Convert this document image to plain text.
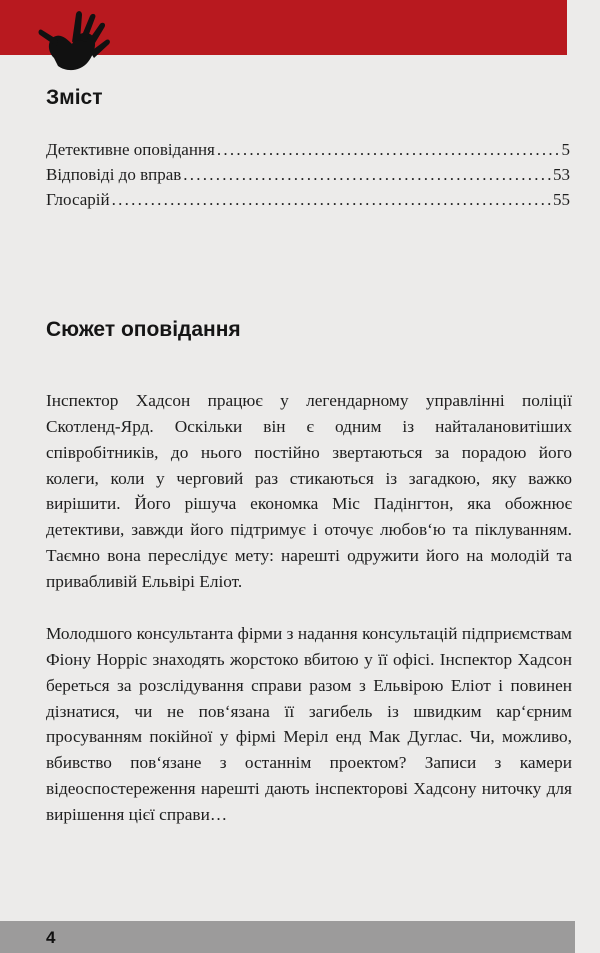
Зміст
Детективне оповідання . . .	5
Відповіді до вправ . . .	53
Глосарій . . .	55
Сюжет оповідання

Інспектор Хадсон працює у легендарному управлінні поліції Скотленд-Ярд. Оскільки він є одним із найталановитіших співробітників, до нього постійно звертаються за порадою його колеги, коли у черговий раз стикаються із загадкою, яку важко вирішити. Його рішуча економка Міс Падінгтон, яка обожнює детективи, завжди його підтримує і оточує любов‘ю та піклуванням. Таємно вона переслідує мету: нарешті одружити його на молодій та привабливій Ельвірі Еліот.

Молодшого консультанта фірми з надання консультацій підприємствам Фіону Норріс знаходять жорстоко вбитою у її офісі. Інспектор Хадсон береться за розслідування справи разом з Ельвірою Еліот і повинен дізнатися, чи не пов‘язана її загибель із швидким кар‘єрним просуванням покійної у фірмі Меріл енд Мак Дуглас. Чи, можливо, вбивство пов‘язане з останнім проектом? Записи з камери відеоспостереження нарешті дають інспекторові Хадсону ниточку для вирішення цієї справи…

4
